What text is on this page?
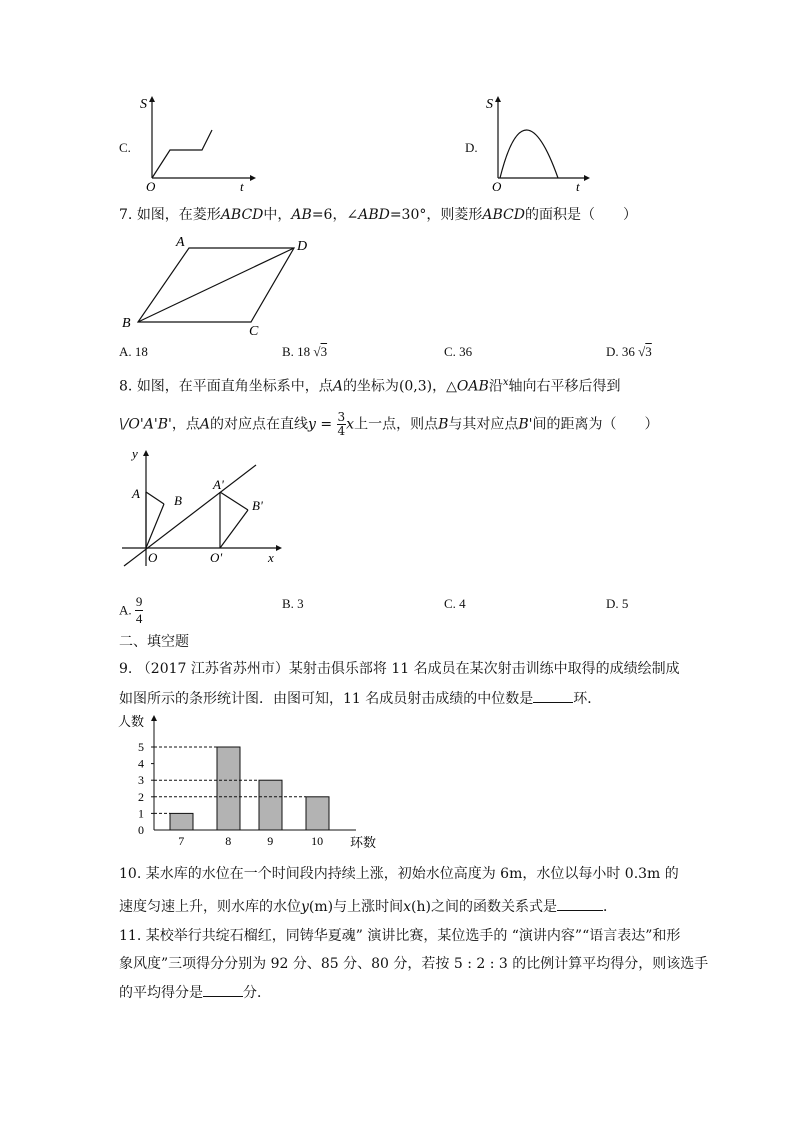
C.
S
t
O
D.
S
t
O
7. 如图，在菱形ABCD中，AB=6，∠ABD=30°，则菱形ABCD的面积是（　　）
A	D
B
C
A. 18	B. 18 √3	C. 36	D. 36 √3
8. 如图，在平面直角坐标系中，点A的坐标为(0,3)，△OAB沿$^x$轴向右平移后得到
\/O'A'B'，点A的对应点在直线$y = \frac{3}{4}$ x上一点，则点B与其对应点B'间的距离为（　　）
y
x
A	B
O
A'
B'
O'
A. $\frac{9}{4}$	B. 3	C. 4	D. 5
二、填空题
9. （2017 江苏省苏州市）某射击俱乐部将 11 名成员在某次射击训练中取得的成绩绘制成
如图所示的条形统计图．由图可知，11 名成员射击成绩的中位数是	环．
人数
环数
0
1
2
3
4
5
7	8	9	10
10. 某水库的水位在一个时间段内持续上涨，初始水位高度为 6m，水位以每小时 0.3m 的
速度匀速上升，则水库的水位y(m)与上涨时间x(h)之间的函数关系式是	．
11. 某校举行共绽石榴红，同铸华夏魂” 演讲比赛，某位选手的 “演讲内容”“语言表达”和形
象风度”三项得分分别为 92 分、85 分、80 分，若按 5 : 2 : 3 的比例计算平均得分，则该选手
的平均得分是	分．
